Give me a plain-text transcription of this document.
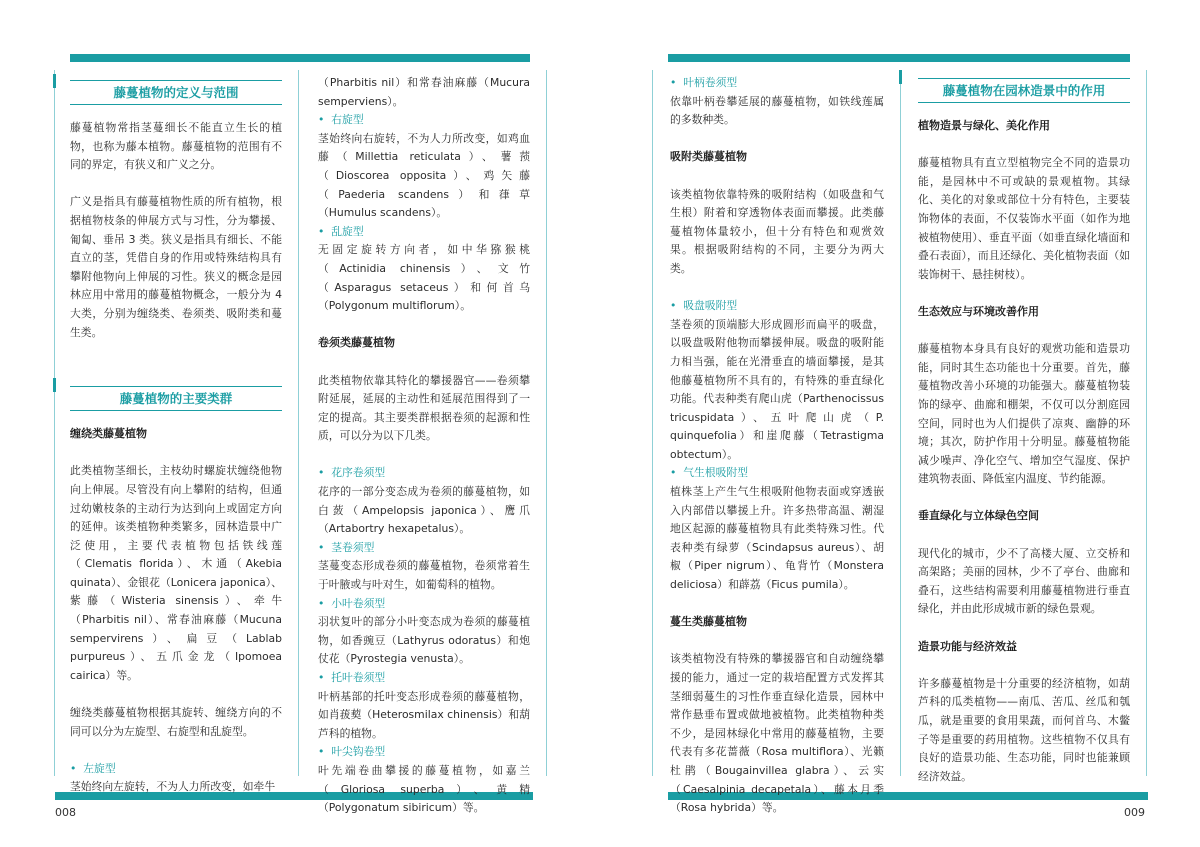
藤蔓植物的定义与范围

藤蔓植物常指茎蔓细长不能直立生长的植物，也称为藤本植物。藤蔓植物的范围有不同的界定，有狭义和广义之分。

广义是指具有藤蔓植物性质的所有植物，根据植物枝条的伸展方式与习性，分为攀援、匍匐、垂吊 3 类。狭义是指具有细长、不能直立的茎，凭借自身的作用或特殊结构具有攀附他物向上伸展的习性。狭义的概念是园林应用中常用的藤蔓植物概念，一般分为 4 大类，分别为缠绕类、卷须类、吸附类和蔓生类。

藤蔓植物的主要类群
缠绕类藤蔓植物

此类植物茎细长，主枝幼时螺旋状缠绕他物向上伸展。尽管没有向上攀附的结构，但通过幼嫩枝条的主动行为达到向上或固定方向的延伸。该类植物种类繁多，园林造景中广泛使用，主要代表植物包括铁线莲（Clematis florida）、木通（Akebia quinata）、金银花（Lonicera japonica）、紫藤（Wisteria sinensis）、牵牛（Pharbitis nil）、常春油麻藤（Mucuna sempervirens）、扁豆（Lablab purpureus）、五爪金龙（Ipomoea cairica）等。

缠绕类藤蔓植物根据其旋转、缠绕方向的不同可以分为左旋型、右旋型和乱旋型。

•  左旋型

茎始终向左旋转，不为人力所改变，如牵牛

（Pharbitis nil）和常春油麻藤（Mucura semperviens）。

•  右旋型

茎始终向右旋转，不为人力所改变，如鸡血藤（Millettia reticulata）、薯蓣（Dioscorea opposita）、鸡矢藤（Paederia scandens）和葎草（Humulus scandens）。

•  乱旋型

无固定旋转方向者，如中华猕猴桃（Actinidia chinensis）、文竹（Asparagus setaceus）和何首乌（Polygonum multiflorum）。

卷须类藤蔓植物

此类植物依靠其特化的攀援器官——卷须攀附延展，延展的主动性和延展范围得到了一定的提高。其主要类群根据卷须的起源和性质，可以分为以下几类。

•  花序卷须型

花序的一部分变态成为卷须的藤蔓植物，如白蔹（Ampelopsis japonica）、鹰爪（Artabortry hexapetalus）。

•  茎卷须型

茎蔓变态形成卷须的藤蔓植物，卷须常着生于叶腋或与叶对生，如葡萄科的植物。

•  小叶卷须型

羽状复叶的部分小叶变态成为卷须的藤蔓植物，如香豌豆（Lathyrus odoratus）和炮仗花（Pyrostegia venusta）。

•  托叶卷须型

叶柄基部的托叶变态形成卷须的藤蔓植物，如肖菝葜（Heterosmilax chinensis）和葫芦科的植物。

•  叶尖钩卷型

叶先端卷曲攀援的藤蔓植物，如嘉兰（Gloriosa superba）、黄精（Polygonatum sibiricum）等。

•  叶柄卷须型

依靠叶柄卷攀延展的藤蔓植物，如铁线莲属的多数种类。

吸附类藤蔓植物

该类植物依靠特殊的吸附结构（如吸盘和气生根）附着和穿透物体表面而攀援。此类藤蔓植物体量较小，但十分有特色和观赏效果。根据吸附结构的不同，主要分为两大类。

•  吸盘吸附型

茎卷须的顶端膨大形成圆形而扁平的吸盘，以吸盘吸附他物而攀援伸展。吸盘的吸附能力相当强，能在光滑垂直的墙面攀援，是其他藤蔓植物所不具有的，有特殊的垂直绿化功能。代表种类有爬山虎（Parthenocissus tricuspidata）、五叶爬山虎（P. quinquefolia）和崖爬藤（Tetrastigma obtectum）。

•  气生根吸附型

植株茎上产生气生根吸附他物表面或穿透嵌入内部借以攀援上升。许多热带高温、潮湿地区起源的藤蔓植物具有此类特殊习性。代表种类有绿萝（Scindapsus aureus）、胡椒（Piper nigrum）、龟背竹（Monstera deliciosa）和薜荔（Ficus pumila）。

蔓生类藤蔓植物

该类植物没有特殊的攀援器官和自动缠绕攀援的能力，通过一定的栽培配置方式发挥其茎细弱蔓生的习性作垂直绿化造景，园林中常作悬垂布置或做地被植物。此类植物种类不少，是园林绿化中常用的藤蔓植物，主要代表有多花蔷薇（Rosa multiflora）、光籁杜鹃（Bougainvillea glabra）、云实（Caesalpinia decapetala）、藤本月季（Rosa hybrida）等。

藤蔓植物在园林造景中的作用
植物造景与绿化、美化作用

藤蔓植物具有直立型植物完全不同的造景功能，是园林中不可或缺的景观植物。其绿化、美化的对象或部位十分有特色，主要装饰物体的表面，不仅装饰水平面（如作为地被植物使用）、垂直平面（如垂直绿化墙面和叠石表面），而且还绿化、美化植物表面（如装饰树干、悬挂树枝）。

生态效应与环境改善作用

藤蔓植物本身具有良好的观赏功能和造景功能，同时其生态功能也十分重要。首先，藤蔓植物改善小环境的功能强大。藤蔓植物装饰的绿亭、曲廊和棚架，不仅可以分割庭园空间，同时也为人们提供了凉爽、幽静的环境；其次，防护作用十分明显。藤蔓植物能减少噪声、净化空气、增加空气湿度、保护建筑物表面、降低室内温度、节约能源。

垂直绿化与立体绿色空间

现代化的城市，少不了高楼大厦、立交桥和高架路；美丽的园林，少不了亭台、曲廊和叠石，这些结构需要利用藤蔓植物进行垂直绿化，并由此形成城市新的绿色景观。

造景功能与经济效益

许多藤蔓植物是十分重要的经济植物，如葫芦科的瓜类植物——南瓜、苦瓜、丝瓜和瓠瓜，就是重要的食用果蔬，而何首乌、木鳖子等是重要的药用植物。这些植物不仅具有良好的造景功能、生态功能，同时也能兼顾经济效益。

008	009
